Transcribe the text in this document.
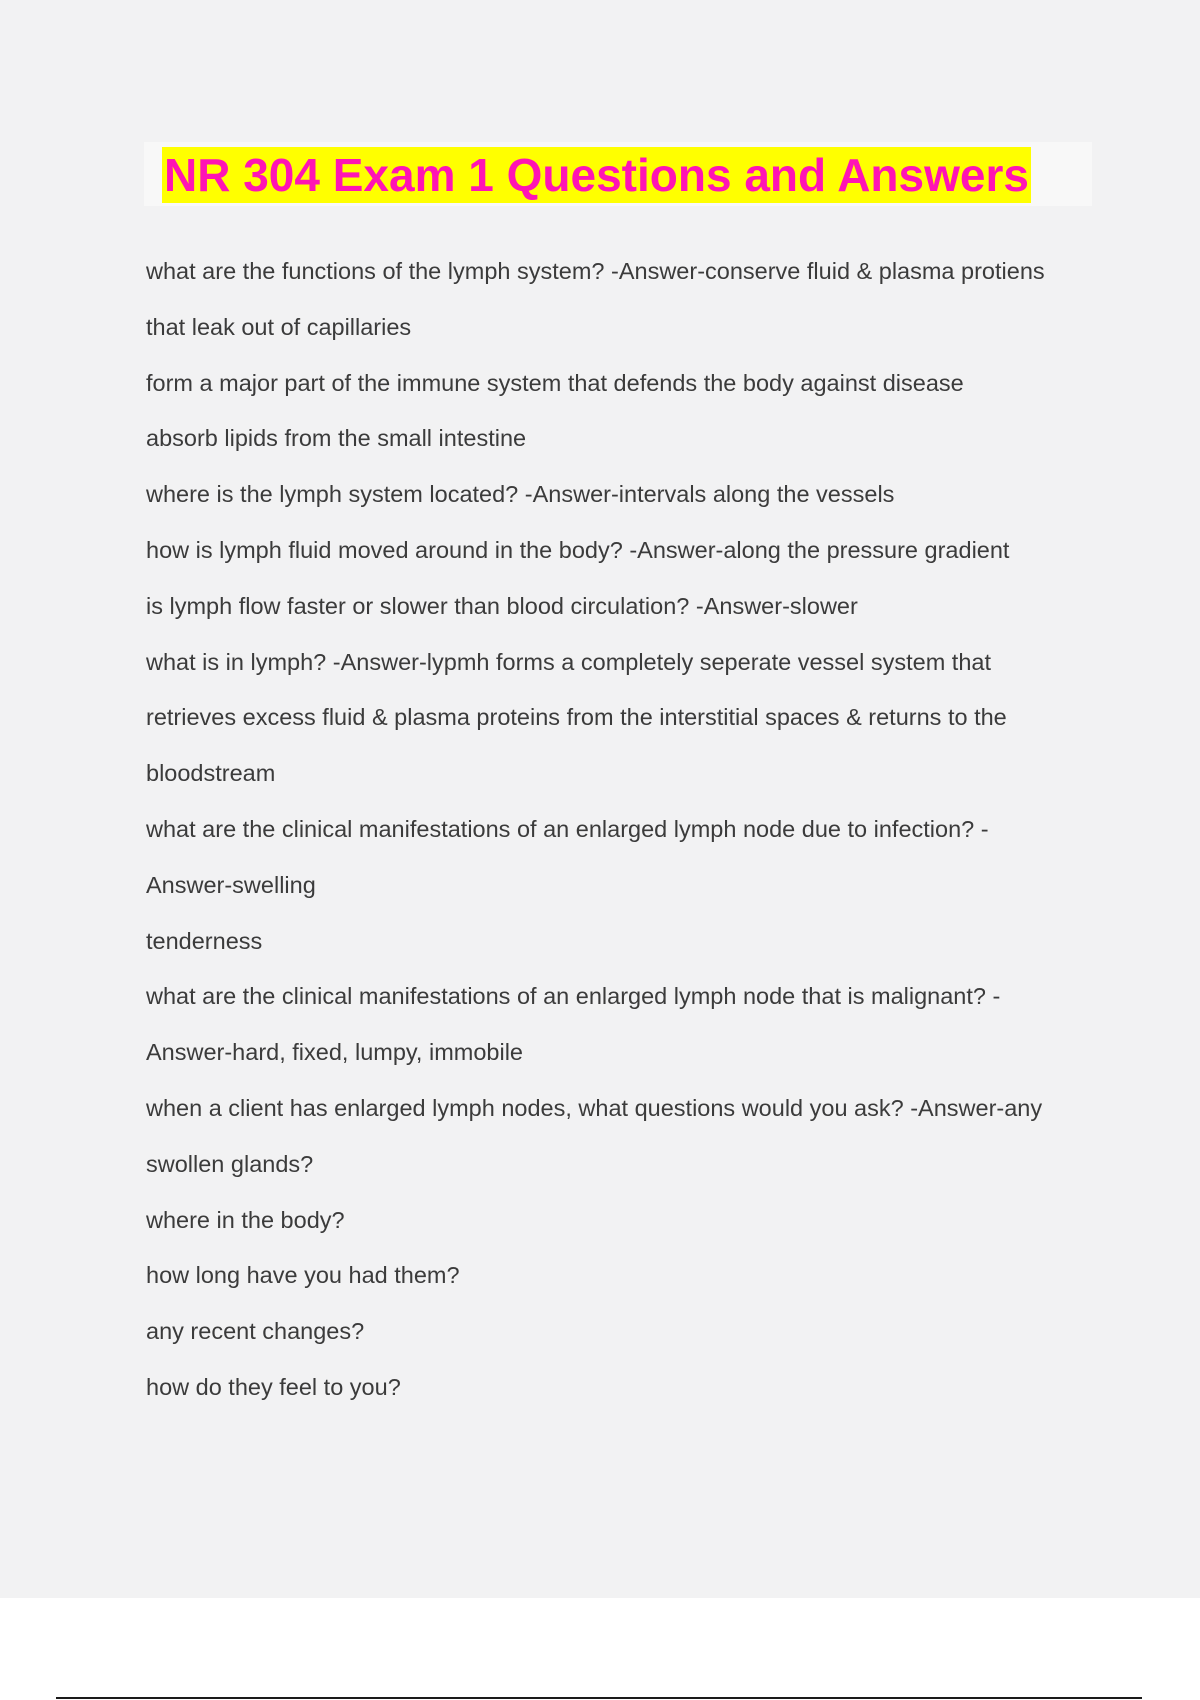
NR 304 Exam 1 Questions and Answers
what are the functions of the lymph system? -Answer-conserve fluid & plasma protiens
that leak out of capillaries
form a major part of the immune system that defends the body against disease
absorb lipids from the small intestine
where is the lymph system located? -Answer-intervals along the vessels
how is lymph fluid moved around in the body? -Answer-along the pressure gradient
is lymph flow faster or slower than blood circulation? -Answer-slower
what is in lymph? -Answer-lypmh forms a completely seperate vessel system that
retrieves excess fluid & plasma proteins from the interstitial spaces & returns to the
bloodstream
what are the clinical manifestations of an enlarged lymph node due to infection? -
Answer-swelling
tenderness
what are the clinical manifestations of an enlarged lymph node that is malignant? -
Answer-hard, fixed, lumpy, immobile
when a client has enlarged lymph nodes, what questions would you ask? -Answer-any
swollen glands?
where in the body?
how long have you had them?
any recent changes?
how do they feel to you?
